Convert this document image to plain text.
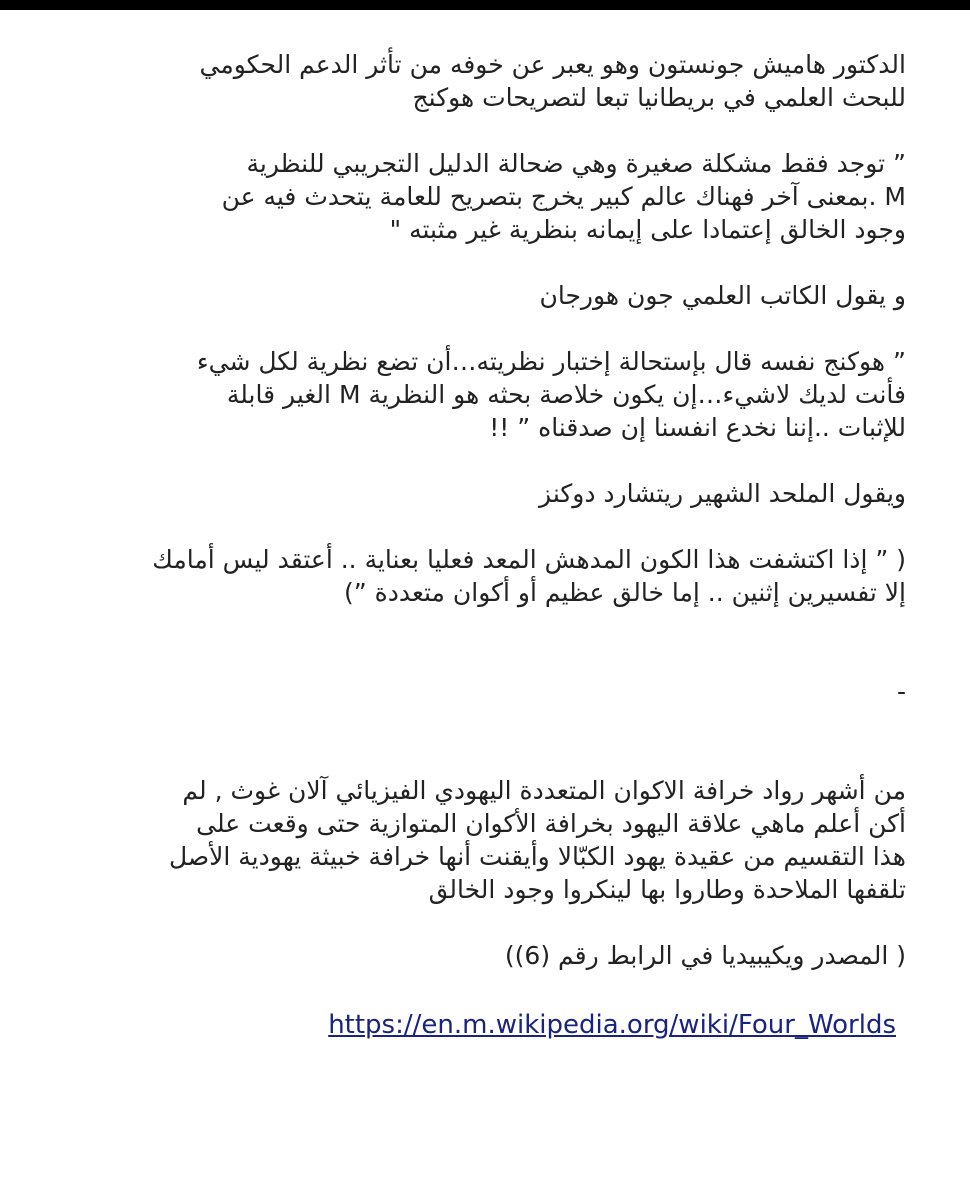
الدكتور هاميش جونستون وهو يعبر عن خوفه من تأثر الدعم الحكومي
للبحث العلمي في بريطانيا تبعا لتصريحات هوكنج
” توجد فقط مشكلة صغيرة وهي ضحالة الدليل التجريبي للنظرية
M .بمعنى آخر فهناك عالم كبير يخرج بتصريح للعامة يتحدث فيه عن
وجود الخالق إعتمادا على إيمانه بنظرية غير مثبته "
و يقول الكاتب العلمي جون هورجان
” هوكنج نفسه قال بإستحالة إختبار نظريته…أن تضع نظرية لكل شيء
فأنت لديك لاشيء…إن يكون خلاصة بحثه هو النظرية M الغير قابلة
للإثبات ..إننا نخدع انفسنا إن صدقناه ” !!
ويقول الملحد الشهير ريتشارد دوكنز
( ” إذا اكتشفت هذا الكون المدهش المعد فعليا بعناية .. أعتقد ليس أمامك
إلا تفسيرين إثنين .. إما خالق عظيم أو أكوان متعددة ”)
-
من أشهر رواد خرافة الاكوان المتعددة اليهودي الفيزيائي آلان غوث , لم
أكن أعلم ماهي علاقة اليهود بخرافة الأكوان المتوازية حتى وقعت على
هذا التقسيم من عقيدة يهود الكبّالا وأيقنت أنها خرافة خبيثة يهودية الأصل
تلقفها الملاحدة وطاروا بها لينكروا وجود الخالق
( المصدر ويكيبيديا في الرابط رقم (6))
https://en.m.wikipedia.org/wiki/Four_Worlds
